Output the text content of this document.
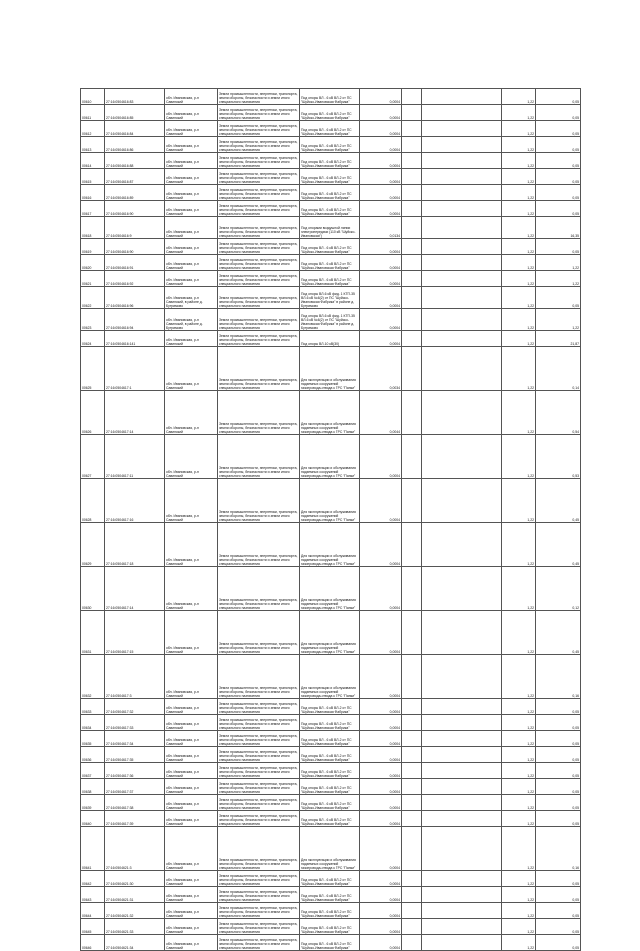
00610	27:16:0504616:83	обл. Ивановская, р-н Савинский	Земли промышленности, энергетики, транспорта, земли обороны, безопасности и земли иного специального назначения	Под опоры ВЛ - 6 кВ ВЛ-2 от ПС "Шуйско-Ивановская Фабрика"	0,0004			1,22	0,05
00611	27:16:0504616:85	обл. Ивановская, р-н Савинский	Земли промышленности, энергетики, транспорта, земли обороны, безопасности и земли иного специального назначения	Под опоры ВЛ - 6 кВ ВЛ-2 от ПС "Шуйско-Ивановская Фабрика"	0,0004			1,22	0,05
00612	27:16:0504616:84	обл. Ивановская, р-н Савинский	Земли промышленности, энергетики, транспорта, земли обороны, безопасности и земли иного специального назначения	Под опоры ВЛ - 6 кВ ВЛ-2 от ПС "Шуйско-Ивановская Фабрика"	0,0004			1,22	0,05
00613	27:16:0504616:86	обл. Ивановская, р-н Савинский	Земли промышленности, энергетики, транспорта, земли обороны, безопасности и земли иного специального назначения	Под опоры ВЛ - 6 кВ ВЛ-2 от ПС "Шуйско-Ивановская Фабрика"	0,0004			1,22	0,05
00614	27:16:0504616:88	обл. Ивановская, р-н Савинский	Земли промышленности, энергетики, транспорта, земли обороны, безопасности и земли иного специального назначения	Под опоры ВЛ - 6 кВ ВЛ-2 от ПС "Шуйско-Ивановская Фабрика"	0,0004			1,22	0,05
00615	27:16:0504616:87	обл. Ивановская, р-н Савинский	Земли промышленности, энергетики, транспорта, земли обороны, безопасности и земли иного специального назначения	Под опоры ВЛ - 6 кВ ВЛ-2 от ПС "Шуйско-Ивановская Фабрика"	0,0004			1,22	0,05
00616	27:16:0504616:89	обл. Ивановская, р-н Савинский	Земли промышленности, энергетики, транспорта, земли обороны, безопасности и земли иного специального назначения	Под опоры ВЛ - 6 кВ ВЛ-2 от ПС "Шуйско-Ивановская Фабрика"	0,0004			1,22	0,05
00617	27:16:0504616:90	обл. Ивановская, р-н Савинский	Земли промышленности, энергетики, транспорта, земли обороны, безопасности и земли иного специального назначения	Под опоры ВЛ - 6 кВ ВЛ-2 от ПС "Шуйско-Ивановская Фабрика"	0,0004			1,22	0,05
00618	27:16:0504616:9	обл. Ивановская, р-н Савинский	Земли промышленности, энергетики, транспорта, земли обороны, безопасности и земли иного специального назначения	Под опорами воздушной линии электропередачи (110 кВ "Шуйско-Ивановская")	0,0134			1,22	16,35
00619	27:16:0504616:90	обл. Ивановская, р-н Савинский	Земли промышленности, энергетики, транспорта, земли обороны, безопасности и земли иного специального назначения	Под опоры ВЛ - 6 кВ ВЛ-2 от ПС "Шуйско-Ивановская Фабрика"	0,0004			1,22	0,05
00620	27:16:0504616:91	обл. Ивановская, р-н Савинский	Земли промышленности, энергетики, транспорта, земли обороны, безопасности и земли иного специального назначения	Под опоры ВЛ - 6 кВ ВЛ-2 от ПС "Шуйско-Ивановская Фабрика"	0,0004			1,22	1,22
00621	27:16:0504616:92	обл. Ивановская, р-н Савинский	Земли промышленности, энергетики, транспорта, земли обороны, безопасности и земли иного специального назначения	Под опоры ВЛ - 6 кВ ВЛ-2 от ПС "Шуйско-Ивановская Фабрика"	0,0004			1,22	1,22
00622	27:16:0504616:96	обл. Ивановская, р-н Савинский, в районе д. Бутримово	Земли промышленности, энергетики, транспорта, земли обороны, безопасности и земли иного специального назначения	Под опоры ВЛ-6 кВ фид. 1 КТП-35 ВЛ-6 кВ №6(2) от ПС "Шуйско-Ивановская Фабрика" в районе д. Бутримово	0,0004			1,22	0,05
00623	27:16:0504616:94	обл. Ивановская, р-н Савинский, в районе д. Бутримово	Земли промышленности, энергетики, транспорта, земли обороны, безопасности и земли иного специального назначения	Под опоры ВЛ-6 кВ фид. 1 КТП-35 ВЛ-6 кВ №6(2) от ПС "Шуйско-Ивановская Фабрика" в районе д. Бутримово	0,0004			1,22	1,22
00624	27:16:0504616:141	обл. Ивановская, р-н Савинский	Земли промышленности, энергетики, транспорта, земли обороны, безопасности и земли иного специального назначения	Под опоры ВЛ-10 кВ(30)	0,0004			1,22	21,87
00625	27:16:0504617:1	обл. Ивановская, р-н Савинский	Земли промышленности, энергетики, транспорта, земли обороны, безопасности и земли иного специального назначения	Для эксплуатации и обслуживания надземных сооружений газопровода-отвода к ГРС "Панки"	0,0034			1,22	0,14
00626	27:16:0504617:14	обл. Ивановская, р-н Савинский	Земли промышленности, энергетики, транспорта, земли обороны, безопасности и земли иного специального назначения	Для эксплуатации и обслуживания надземных сооружений газопровода-отвода к ГРС "Панки"	0,0044			1,22	0,54
00627	27:16:0504617:11	обл. Ивановская, р-н Савинский	Земли промышленности, энергетики, транспорта, земли обороны, безопасности и земли иного специального назначения	Для эксплуатации и обслуживания надземных сооружений газопровода-отвода к ГРС "Панки"	0,0004			1,22	0,53
00628	27:16:0504617:16	обл. Ивановская, р-н Савинский	Земли промышленности, энергетики, транспорта, земли обороны, безопасности и земли иного специального назначения	Для эксплуатации и обслуживания надземных сооружений газопровода-отвода к ГРС "Панки"	0,0004			1,22	0,45
00629	27:16:0504617:18	обл. Ивановская, р-н Савинский	Земли промышленности, энергетики, транспорта, земли обороны, безопасности и земли иного специального назначения	Для эксплуатации и обслуживания надземных сооружений газопровода-отвода к ГРС "Панки"	0,0004			1,22	0,45
00630	27:16:0504617:14	обл. Ивановская, р-н Савинский	Земли промышленности, энергетики, транспорта, земли обороны, безопасности и земли иного специального назначения	Для эксплуатации и обслуживания надземных сооружений газопровода-отвода к ГРС "Панки"	0,0004			1,22	0,12
00631	27:16:0504617:15	обл. Ивановская, р-н Савинский	Земли промышленности, энергетики, транспорта, земли обороны, безопасности и земли иного специального назначения	Для эксплуатации и обслуживания надземных сооружений газопровода-отвода к ГРС "Панки"	0,0004			1,22	0,45
00632	27:16:0504617:3	обл. Ивановская, р-н Савинский	Земли промышленности, энергетики, транспорта, земли обороны, безопасности и земли иного специального назначения	Для эксплуатации и обслуживания надземных сооружений газопровода-отвода к ГРС "Панки"	0,0004			1,22	0,16
00633	27:16:0504617:32	обл. Ивановская, р-н Савинский	Земли промышленности, энергетики, транспорта, земли обороны, безопасности и земли иного специального назначения	Под опоры ВЛ - 6 кВ ВЛ-2 от ПС "Шуйско-Ивановская Фабрика"	0,0004			1,22	0,05
00634	27:16:0504617:33	обл. Ивановская, р-н Савинский	Земли промышленности, энергетики, транспорта, земли обороны, безопасности и земли иного специального назначения	Под опоры ВЛ - 6 кВ ВЛ-2 от ПС "Шуйско-Ивановская Фабрика"	0,0004			1,22	0,05
00635	27:16:0504617:34	обл. Ивановская, р-н Савинский	Земли промышленности, энергетики, транспорта, земли обороны, безопасности и земли иного специального назначения	Под опоры ВЛ - 6 кВ ВЛ-2 от ПС "Шуйско-Ивановская Фабрика"	0,0004			1,22	0,05
00636	27:16:0504617:35	обл. Ивановская, р-н Савинский	Земли промышленности, энергетики, транспорта, земли обороны, безопасности и земли иного специального назначения	Под опоры ВЛ - 6 кВ ВЛ-2 от ПС "Шуйско-Ивановская Фабрика"	0,0004			1,22	0,05
00637	27:16:0504617:36	обл. Ивановская, р-н Савинский	Земли промышленности, энергетики, транспорта, земли обороны, безопасности и земли иного специального назначения	Под опоры ВЛ - 6 кВ ВЛ-2 от ПС "Шуйско-Ивановская Фабрика"	0,0004			1,22	0,05
00638	27:16:0504617:37	обл. Ивановская, р-н Савинский	Земли промышленности, энергетики, транспорта, земли обороны, безопасности и земли иного специального назначения	Под опоры ВЛ - 6 кВ ВЛ-2 от ПС "Шуйско-Ивановская Фабрика"	0,0004			1,22	0,05
00639	27:16:0504617:38	обл. Ивановская, р-н Савинский	Земли промышленности, энергетики, транспорта, земли обороны, безопасности и земли иного специального назначения	Под опоры ВЛ - 6 кВ ВЛ-2 от ПС "Шуйско-Ивановская Фабрика"	0,0004			1,22	0,05
00640	27:16:0504617:39	обл. Ивановская, р-н Савинский	Земли промышленности, энергетики, транспорта, земли обороны, безопасности и земли иного специального назначения	Под опоры ВЛ - 6 кВ ВЛ-2 от ПС "Шуйско-Ивановская Фабрика"	0,0004			1,22	0,05
00641	27:16:0504621:3	обл. Ивановская, р-н Савинский	Земли промышленности, энергетики, транспорта, земли обороны, безопасности и земли иного специального назначения	Для эксплуатации и обслуживания надземных сооружений газопровода-отвода к ГРС "Панки"	0,0004			1,22	0,16
00642	27:16:0504621:30	обл. Ивановская, р-н Савинский	Земли промышленности, энергетики, транспорта, земли обороны, безопасности и земли иного специального назначения	Под опоры ВЛ - 6 кВ ВЛ-2 от ПС "Шуйско-Ивановская Фабрика"	0,0004			1,22	0,05
00643	27:16:0504621:31	обл. Ивановская, р-н Савинский	Земли промышленности, энергетики, транспорта, земли обороны, безопасности и земли иного специального назначения	Под опоры ВЛ - 6 кВ ВЛ-2 от ПС "Шуйско-Ивановская Фабрика"	0,0004			1,22	0,05
00644	27:16:0504621:32	обл. Ивановская, р-н Савинский	Земли промышленности, энергетики, транспорта, земли обороны, безопасности и земли иного специального назначения	Под опоры ВЛ - 6 кВ ВЛ-2 от ПС "Шуйско-Ивановская Фабрика"	0,0004			1,22	0,05
00645	27:16:0504621:33	обл. Ивановская, р-н Савинский	Земли промышленности, энергетики, транспорта, земли обороны, безопасности и земли иного специального назначения	Под опоры ВЛ - 6 кВ ВЛ-2 от ПС "Шуйско-Ивановская Фабрика"	0,0004			1,22	0,05
00646	27:16:0504621:34	обл. Ивановская, р-н Савинский	Земли промышленности, энергетики, транспорта, земли обороны, безопасности и земли иного специального назначения	Под опоры ВЛ - 6 кВ ВЛ-2 от ПС "Шуйско-Ивановская Фабрика"	0,0004			1,22	0,05
